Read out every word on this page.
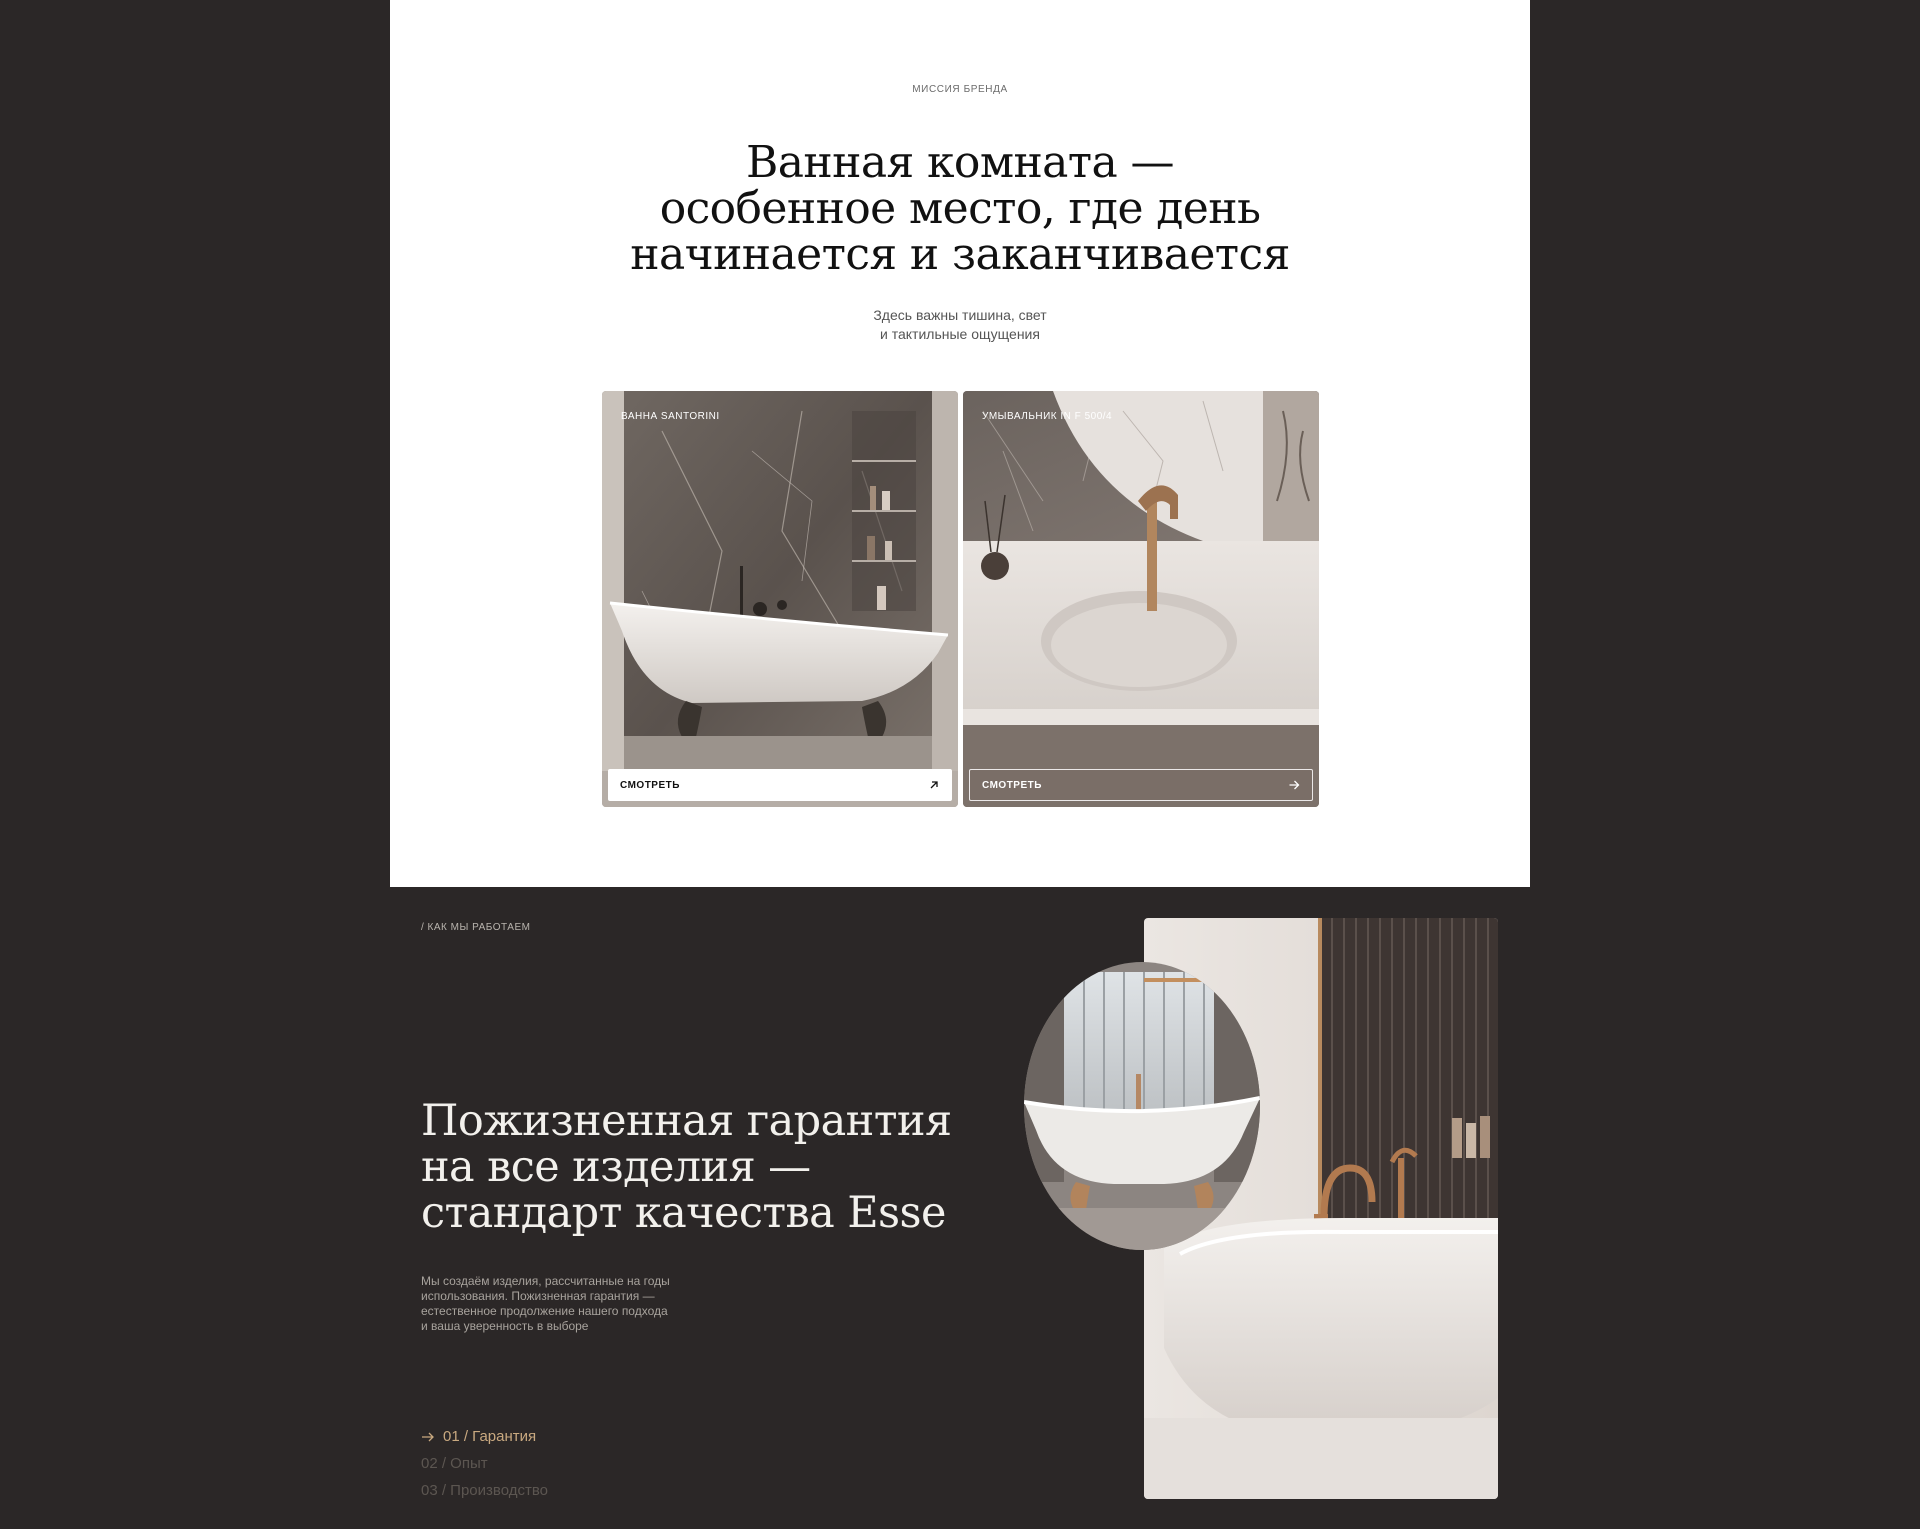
МИССИЯ БРЕНДА
Ванная комната —
особенное место, где день
начинается и заканчивается
Здесь важны тишина, свет
и тактильные ощущения
ВАННА SANTORINI
СМОТРЕТЬ
УМЫВАЛЬНИК IN F 500/4
СМОТРЕТЬ
/ КАК МЫ РАБОТАЕМ
Пожизненная гарантия
на все изделия —
стандарт качества Esse
Мы создаём изделия, рассчитанные на годы
использования. Пожизненная гарантия —
естественное продолжение нашего подхода
и ваша уверенность в выборе
01 / Гарантия
02 / Опыт
03 / Производство
